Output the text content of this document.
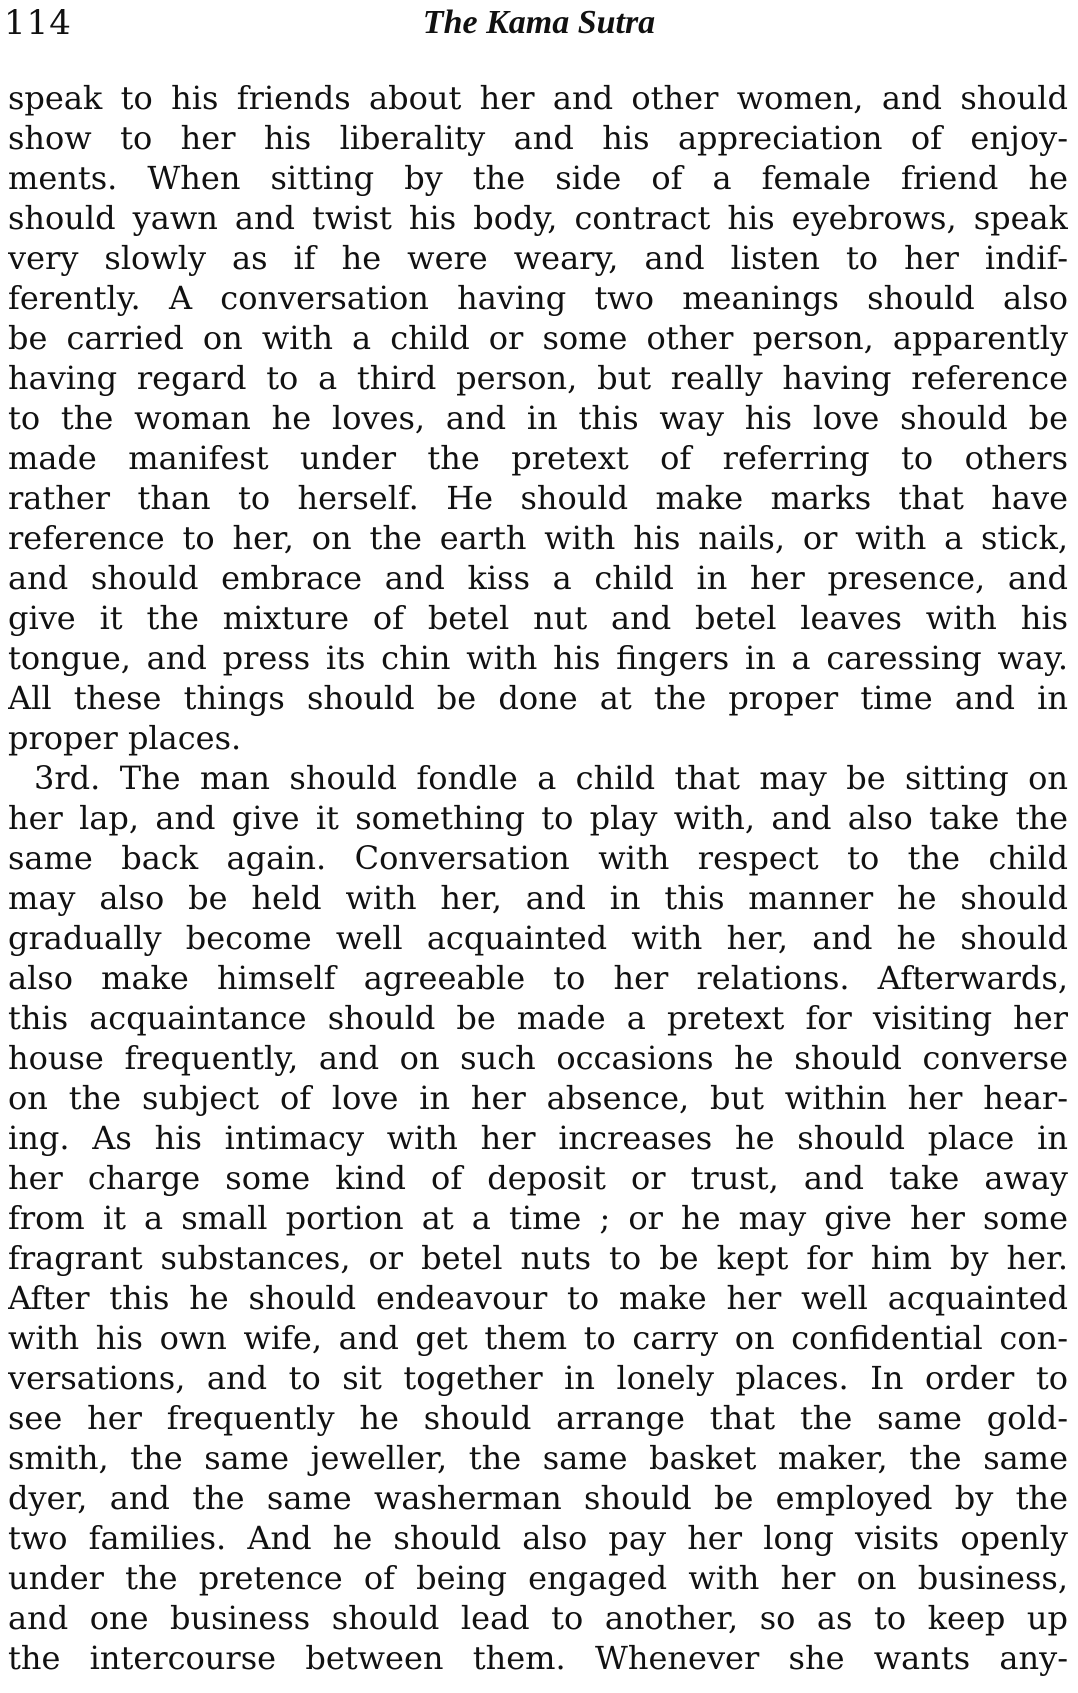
114	The Kama Sutra
speak to his friends about her and other women, and should
show to her his liberality and his appreciation of enjoy-
ments. When sitting by the side of a female friend he
should yawn and twist his body, contract his eyebrows, speak
very slowly as if he were weary, and listen to her indif-
ferently. A conversation having two meanings should also
be carried on with a child or some other person, apparently
having regard to a third person, but really having reference
to the woman he loves, and in this way his love should be
made manifest under the pretext of referring to others
rather than to herself. He should make marks that have
reference to her, on the earth with his nails, or with a stick,
and should embrace and kiss a child in her presence, and
give it the mixture of betel nut and betel leaves with his
tongue, and press its chin with his fingers in a caressing way.
All these things should be done at the proper time and in
proper places.
3rd. The man should fondle a child that may be sitting on
her lap, and give it something to play with, and also take the
same back again. Conversation with respect to the child
may also be held with her, and in this manner he should
gradually become well acquainted with her, and he should
also make himself agreeable to her relations. Afterwards,
this acquaintance should be made a pretext for visiting her
house frequently, and on such occasions he should converse
on the subject of love in her absence, but within her hear-
ing. As his intimacy with her increases he should place in
her charge some kind of deposit or trust, and take away
from it a small portion at a time ; or he may give her some
fragrant substances, or betel nuts to be kept for him by her.
After this he should endeavour to make her well acquainted
with his own wife, and get them to carry on confidential con-
versations, and to sit together in lonely places. In order to
see her frequently he should arrange that the same gold-
smith, the same jeweller, the same basket maker, the same
dyer, and the same washerman should be employed by the
two families. And he should also pay her long visits openly
under the pretence of being engaged with her on business,
and one business should lead to another, so as to keep up
the intercourse between them. Whenever she wants any-
